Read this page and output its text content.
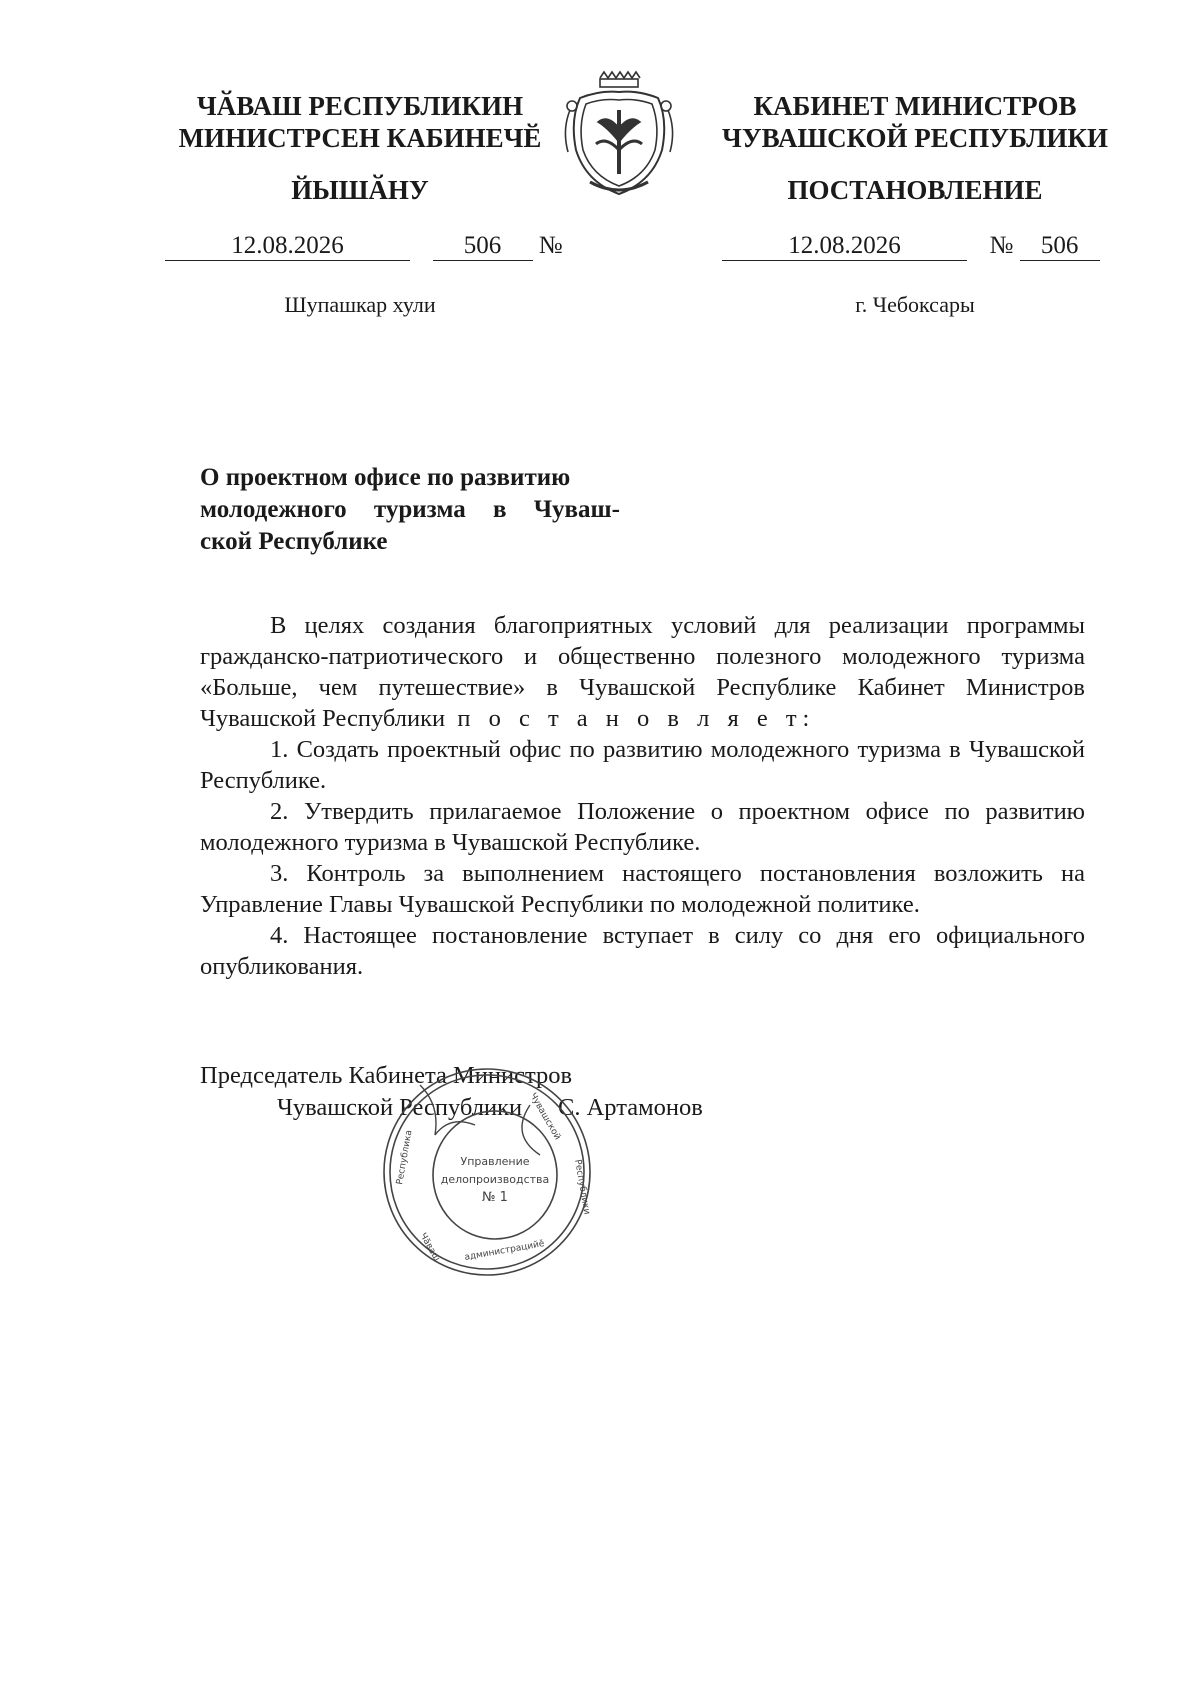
ЧӐВАШ РЕСПУБЛИКИН
МИНИСТРСЕН КАБИНЕЧӖ
ЙЫШӐНУ
КАБИНЕТ МИНИСТРОВ
ЧУВАШСКОЙ РЕСПУБЛИКИ
ПОСТАНОВЛЕНИЕ
12.08.2026	506 №	12.08.2026	№ 506
Шупашкар хули	г. Чебоксары
О проектном офисе по развитию
молодежного туризма в Чуваш-
ской Республике

В целях создания благоприятных условий для реализации программы гражданско-патриотического и общественно полезного молодежного туризма «Больше, чем путешествие» в Чувашской Республике Кабинет Министров Чувашской Республики п о с т а н о в л я е т:

1. Создать проектный офис по развитию молодежного туризма в Чувашской Республике.

2. Утвердить прилагаемое Положение о проектном офисе по развитию молодежного туризма в Чувашской Республике.

3. Контроль за выполнением настоящего постановления возложить на Управление Главы Чувашской Республики по молодежной политике.

4. Настоящее постановление вступает в силу со дня его официального опубликования.

Председатель Кабинета Министров
Чувашской Республики С. Артамонов
Чӑваш
Республика
Чувашской
Республики
администрацийӗ
Управление
делопроизводства
№ 1
